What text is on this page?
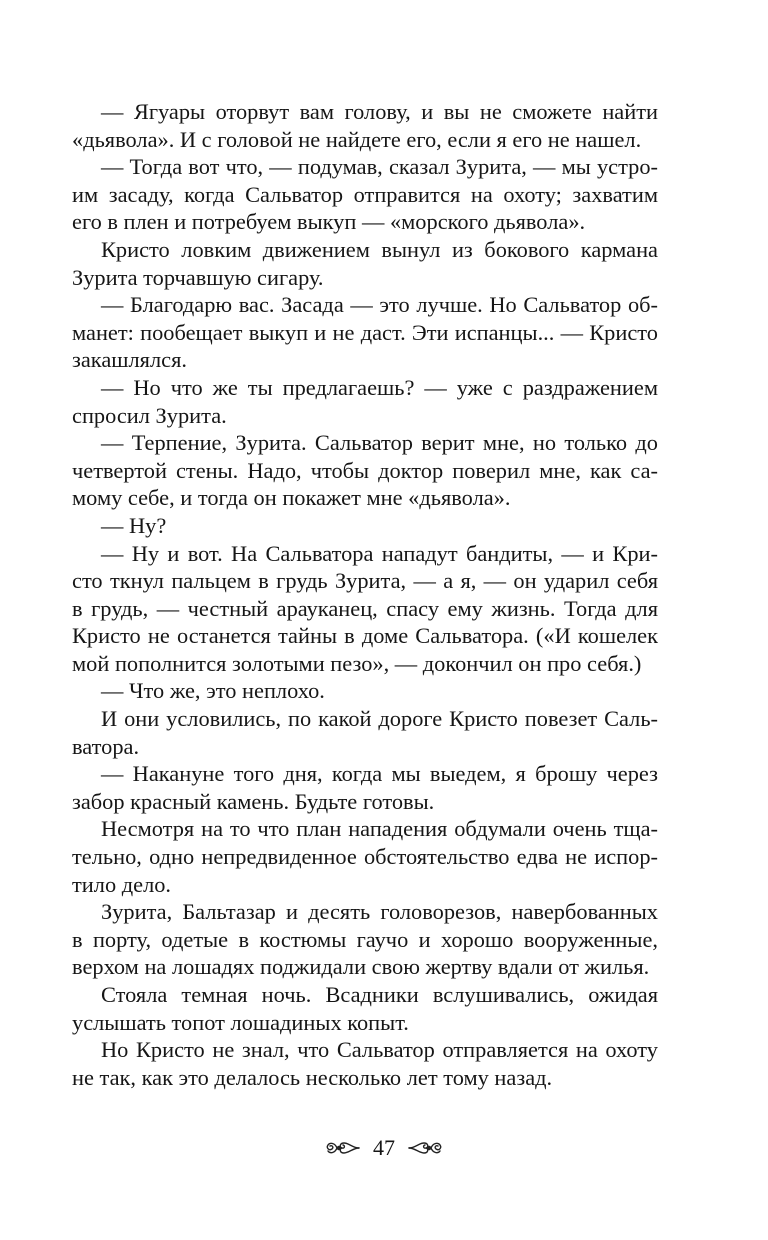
— Ягуары оторвут вам голову, и вы не сможете найти
«дьявола». И с головой не найдете его, если я его не нашел.

— Тогда вот что, — подумав, сказал Зурита, — мы устро-
им засаду, когда Сальватор отправится на охоту; захватим
его в плен и потребуем выкуп — «морского дьявола».

Кристо ловким движением вынул из бокового кармана
Зурита торчавшую сигару.

— Благодарю вас. Засада — это лучше. Но Сальватор об-
манет: пообещает выкуп и не даст. Эти испанцы... — Кристо
закашлялся.

— Но что же ты предлагаешь? — уже с раздражением
спросил Зурита.

— Терпение, Зурита. Сальватор верит мне, но только до
четвертой стены. Надо, чтобы доктор поверил мне, как са-
мому себе, и тогда он покажет мне «дьявола».

— Ну?

— Ну и вот. На Сальватора нападут бандиты, — и Кри-
сто ткнул пальцем в грудь Зурита, — а я, — он ударил себя
в грудь, — честный арауканец, спасу ему жизнь. Тогда для
Кристо не останется тайны в доме Сальватора. («И кошелек
мой пополнится золотыми пезо», — докончил он про себя.)

— Что же, это неплохо.

И они условились, по какой дороге Кристо повезет Саль-
ватора.

— Накануне того дня, когда мы выедем, я брошу через
забор красный камень. Будьте готовы.

Несмотря на то что план нападения обдумали очень тща-
тельно, одно непредвиденное обстоятельство едва не испор-
тило дело.

Зурита, Бальтазар и десять головорезов, навербованных
в порту, одетые в костюмы гаучо и хорошо вооруженные,
верхом на лошадях поджидали свою жертву вдали от жилья.

Стояла темная ночь. Всадники вслушивались, ожидая
услышать топот лошадиных копыт.

Но Кристо не знал, что Сальватор отправляется на охоту
не так, как это делалось несколько лет тому назад.

47
